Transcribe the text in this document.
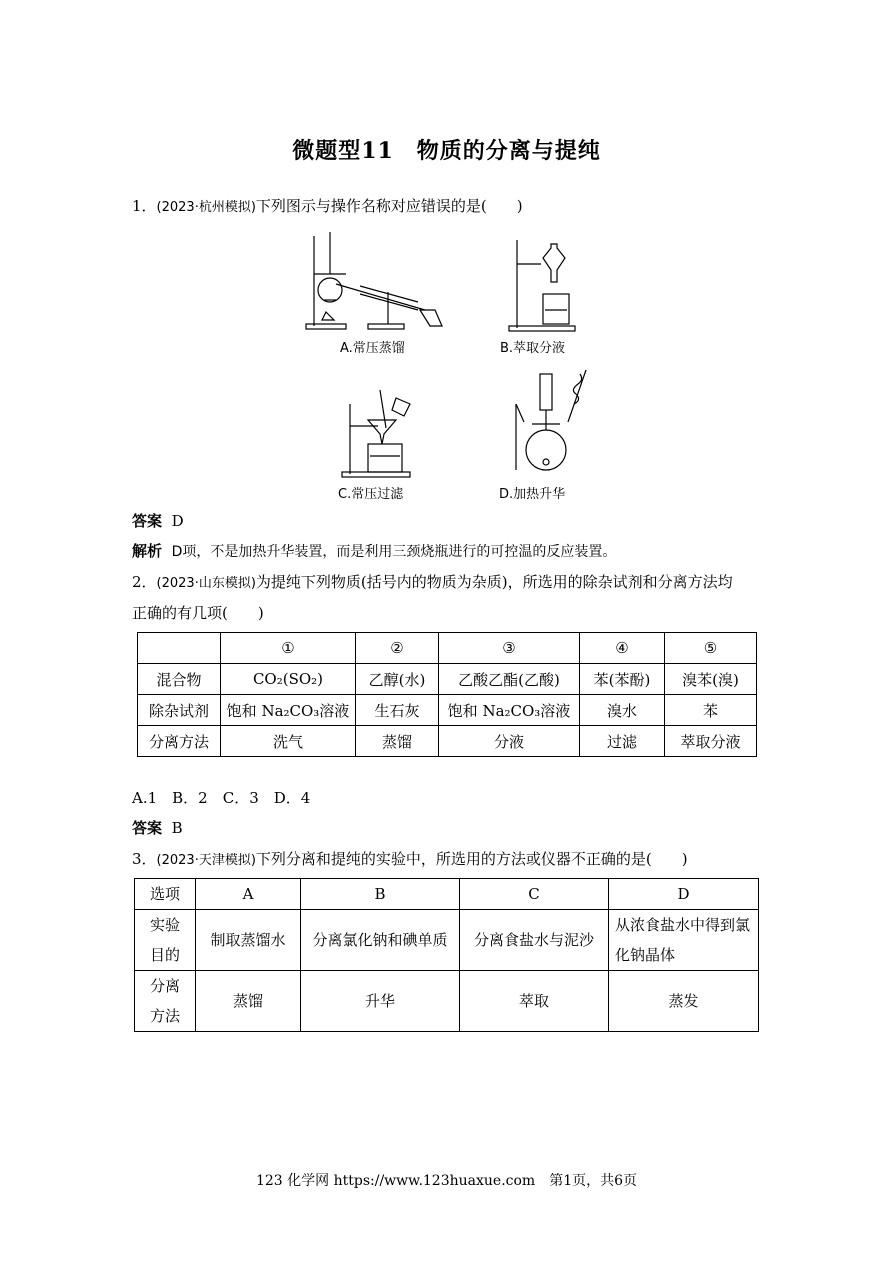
微题型11　物质的分离与提纯
1．(2023·杭州模拟)下列图示与操作名称对应错误的是(　　)
A.常压蒸馏	B.萃取分液
C.常压过滤	D.加热升华
答案 D
解析 D项，不是加热升华装置，而是利用三颈烧瓶进行的可控温的反应装置。
2．(2023·山东模拟)为提纯下列物质(括号内的物质为杂质)，所选用的除杂试剂和分离方法均
正确的有几项(　　)
	①	②	③	④	⑤
混合物	CO₂(SO₂)	乙醇(水)	乙酸乙酯(乙酸)	苯(苯酚)	溴苯(溴)
除杂试剂	饱和 Na₂CO₃溶液	生石灰	饱和 Na₂CO₃溶液	溴水	苯
分离方法	洗气	蒸馏	分液	过滤	萃取分液
A.1　B．2　C．3　D．4
答案 B
3．(2023·天津模拟)下列分离和提纯的实验中，所选用的方法或仪器不正确的是(　　)
选项	A	B	C	D
实验目的	制取蒸馏水	分离氯化钠和碘单质	分离食盐水与泥沙	从浓食盐水中得到氯化钠晶体
分离方法	蒸馏	升华	萃取	蒸发
123 化学网 https://www.123huaxue.com　第1页，共6页
